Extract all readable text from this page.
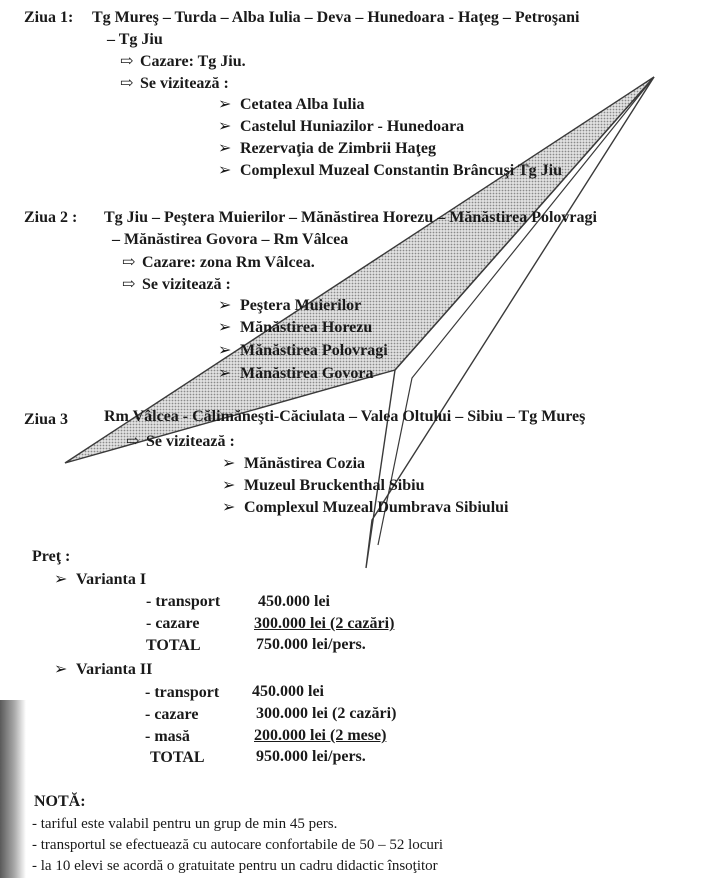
Ziua 1: Tg Mureş – Turda – Alba Iulia – Deva – Hunedoara - Haţeg – Petroşani
– Tg Jiu
⇨ Cazare: Tg Jiu.
⇨ Se vizitează :
➢ Cetatea Alba Iulia
➢ Castelul Huniazilor - Hunedoara
➢ Rezervaţia de Zimbrii Haţeg
➢ Complexul Muzeal Constantin Brâncuşi Tg Jiu
Ziua 2 : Tg Jiu – Peştera Muierilor – Mănăstirea Horezu – Mănăstirea Polovragi
– Mănăstirea Govora – Rm Vâlcea
⇨ Cazare: zona Rm Vâlcea.
⇨ Se vizitează :
➢ Peştera Muierilor
➢ Mănăstirea Horezu
➢ Mănăstirea Polovragi
➢ Mănăstirea Govora
Ziua 3 Rm Vâlcea - Călimăneşti-Căciulata – Valea Oltului – Sibiu – Tg Mureş
⇨ Se vizitează :
➢ Mănăstirea Cozia
➢ Muzeul Bruckenthal Sibiu
➢ Complexul Muzeal Dumbrava Sibiului
Preţ :
➢ Varianta I
- transport 450.000 lei
- cazare	300.000 lei (2 cazări)
TOTAL	750.000 lei/pers.
➢ Varianta II
- transport 450.000 lei
- cazare	300.000 lei (2 cazări)
- masă	200.000 lei (2 mese)
TOTAL	950.000 lei/pers.
NOTĂ:
- tariful este valabil pentru un grup de min 45 pers.
- transportul se efectuează cu autocare confortabile de 50 – 52 locuri
- la 10 elevi se acordă o gratuitate pentru un cadru didactic însoţitor
